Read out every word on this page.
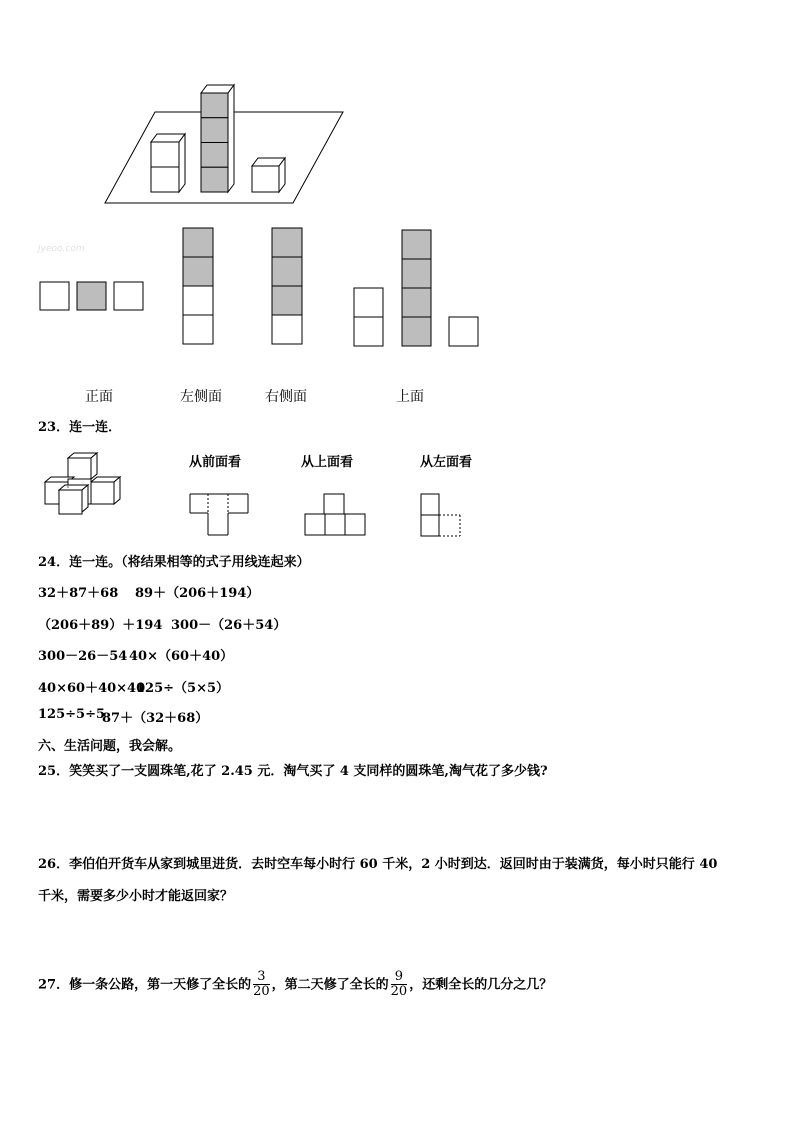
Jyeoo.com
正面	左侧面	右侧面	上面
23．连一连．
从前面看	从上面看	从左面看
24．连一连。（将结果相等的式子用线连起来）
32＋87＋68 89＋（206＋194）
（206＋89）＋194 300－（26＋54）
300－26－54 40×（60＋40）
40×60＋40×40
125÷（5×5）
125÷5÷5
87＋（32＋68）
六、生活问题，我会解。
25．笑笑买了一支圆珠笔,花了 2.45 元．淘气买了 4 支同样的圆珠笔,淘气花了多少钱?
26．李伯伯开货车从家到城里进货．去时空车每小时行 60 千米，2 小时到达．返回时由于装满货，每小时只能行 40
千米，需要多少小时才能返回家？
27．修一条公路，第一天修了全长的 $\frac{3}{20}$ ，第二天修了全长的 $\frac{9}{20}$ ，还剩全长的几分之几？
